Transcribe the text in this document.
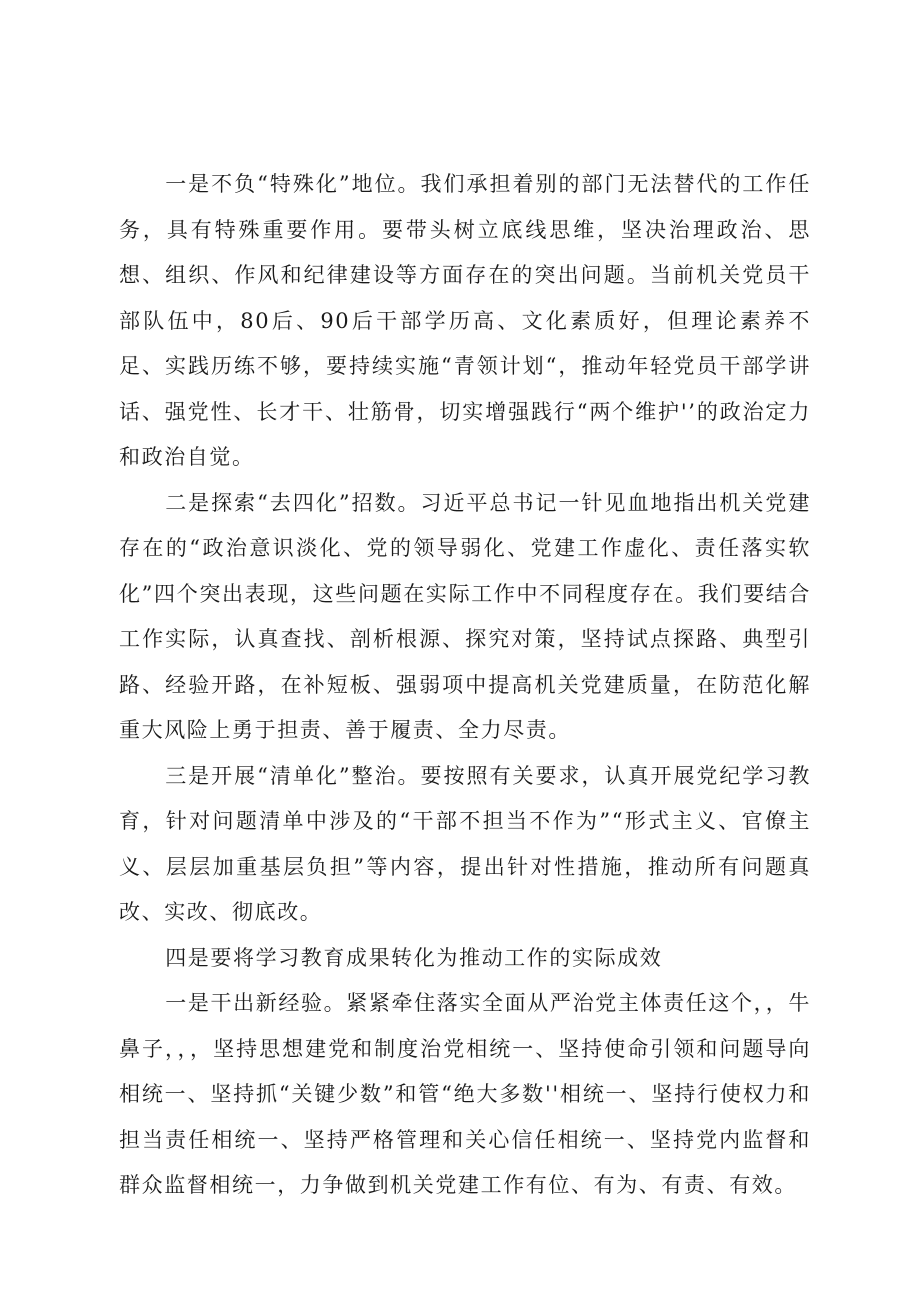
一是不负“特殊化”地位。我们承担着别的部门无法替代的工作任务，具有特殊重要作用。要带头树立底线思维，坚决治理政治、思想、组织、作风和纪律建设等方面存在的突出问题。当前机关党员干部队伍中，80后、90后干部学历高、文化素质好，但理论素养不足、实践历练不够，要持续实施“青领计划“，推动年轻党员干部学讲话、强党性、长才干、壮筋骨，切实增强践行“两个维护'’的政治定力和政治自觉。

二是探索“去四化”招数。习近平总书记一针见血地指出机关党建存在的“政治意识淡化、党的领导弱化、党建工作虚化、责任落实软化”四个突出表现，这些问题在实际工作中不同程度存在。我们要结合工作实际，认真查找、剖析根源、探究对策，坚持试点探路、典型引路、经验开路，在补短板、强弱项中提高机关党建质量，在防范化解重大风险上勇于担责、善于履责、全力尽责。

三是开展“清单化”整治。要按照有关要求，认真开展党纪学习教育，针对问题清单中涉及的“干部不担当不作为”“形式主义、官僚主义、层层加重基层负担”等内容，提出针对性措施，推动所有问题真改、实改、彻底改。

四是要将学习教育成果转化为推动工作的实际成效

一是干出新经验。紧紧牵住落实全面从严治党主体责任这个，，牛鼻子，，，坚持思想建党和制度治党相统一、坚持使命引领和问题导向相统一、坚持抓“关键少数”和管“绝大多数''相统一、坚持行使权力和担当责任相统一、坚持严格管理和关心信任相统一、坚持党内监督和群众监督相统一，力争做到机关党建工作有位、有为、有责、有效。
